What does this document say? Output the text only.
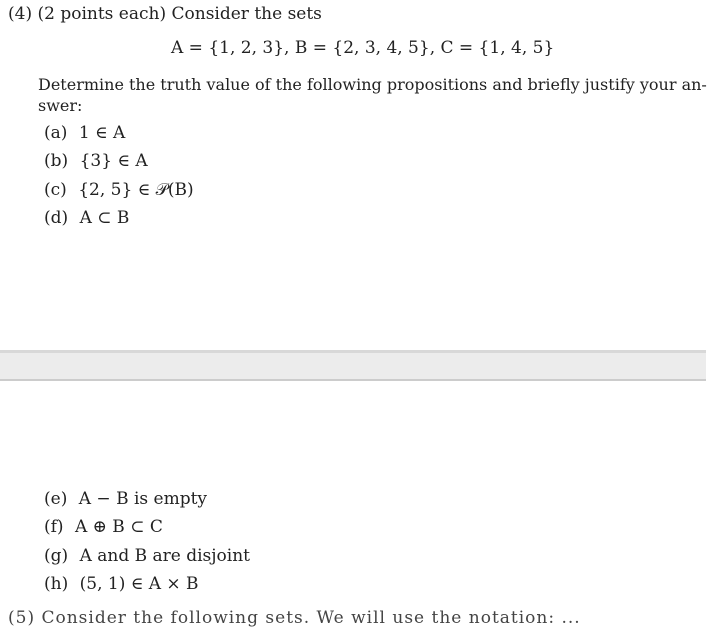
(4) (2 points each) Consider the sets
A = {1, 2, 3}, B = {2, 3, 4, 5}, C = {1, 4, 5}
Determine the truth value of the following propositions and briefly justify your an-
swer:
(a) 1 ∈ A
(b) {3} ∈ A
(c) {2, 5} ∈ 𝒫(B)
(d) A ⊂ B
(e) A − B is empty
(f) A ⊕ B ⊂ C
(g) A and B are disjoint
(h) (5, 1) ∈ A × B
(5) Consider the following sets. We will use the notation: ...
